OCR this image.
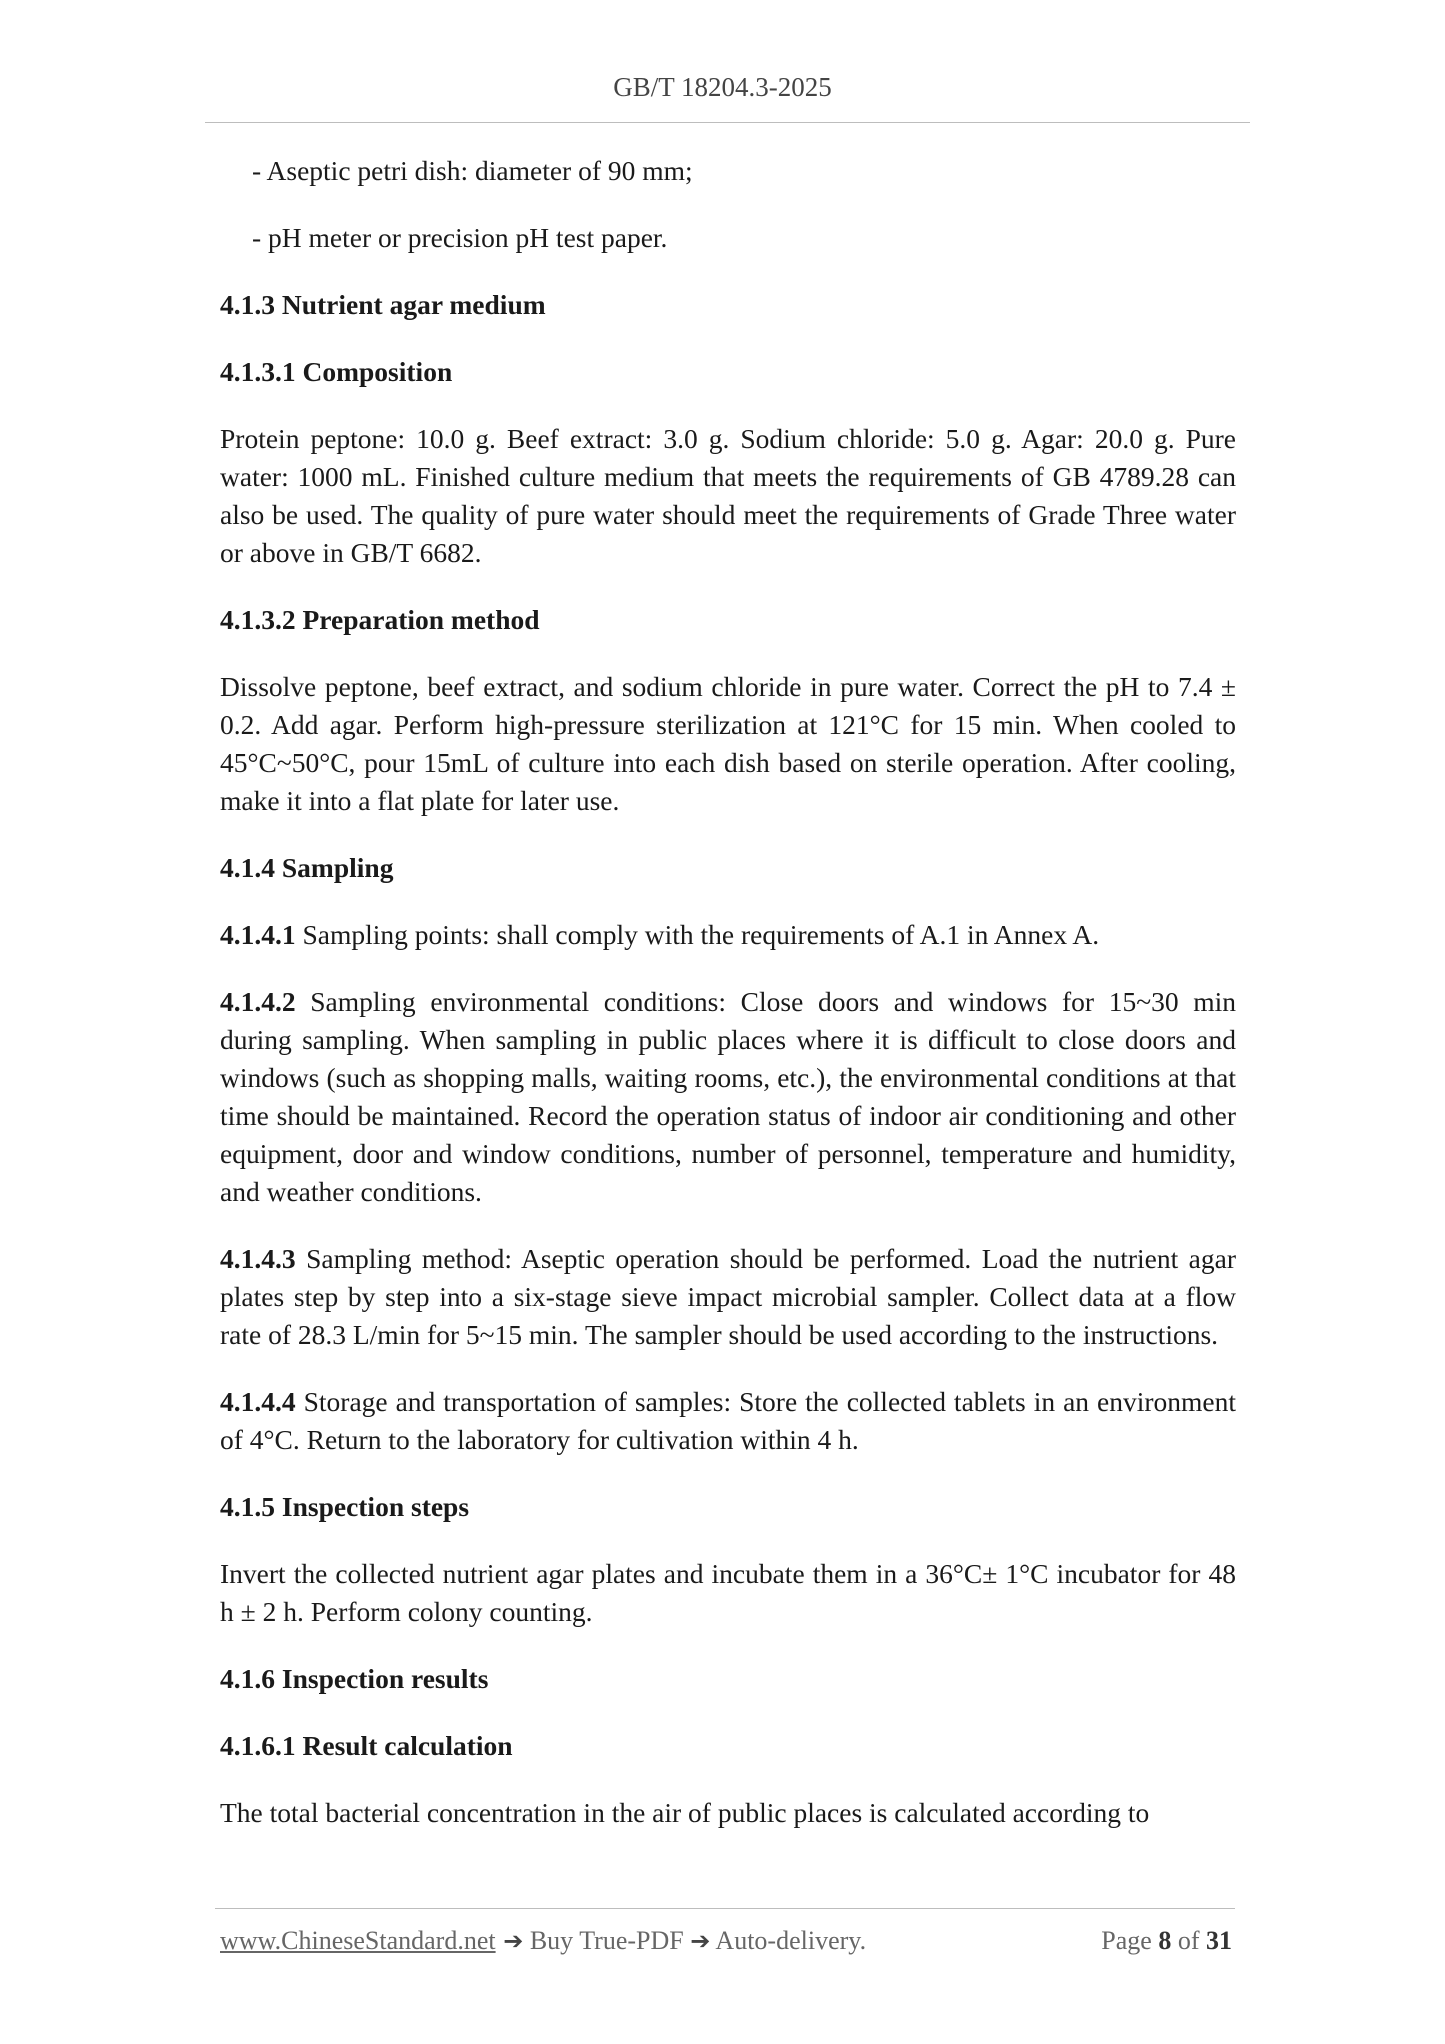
GB/T 18204.3-2025
- Aseptic petri dish: diameter of 90 mm;
- pH meter or precision pH test paper.
4.1.3 Nutrient agar medium
4.1.3.1 Composition
Protein peptone: 10.0 g. Beef extract: 3.0 g. Sodium chloride: 5.0 g. Agar: 20.0 g. Pure water: 1000 mL. Finished culture medium that meets the requirements of GB 4789.28 can also be used. The quality of pure water should meet the requirements of Grade Three water or above in GB/T 6682.
4.1.3.2 Preparation method
Dissolve peptone, beef extract, and sodium chloride in pure water. Correct the pH to 7.4 ± 0.2. Add agar. Perform high-pressure sterilization at 121°C for 15 min. When cooled to 45°C~50°C, pour 15mL of culture into each dish based on sterile operation. After cooling, make it into a flat plate for later use.
4.1.4 Sampling
4.1.4.1 Sampling points: shall comply with the requirements of A.1 in Annex A.
4.1.4.2 Sampling environmental conditions: Close doors and windows for 15~30 min during sampling. When sampling in public places where it is difficult to close doors and windows (such as shopping malls, waiting rooms, etc.), the environmental conditions at that time should be maintained. Record the operation status of indoor air conditioning and other equipment, door and window conditions, number of personnel, temperature and humidity, and weather conditions.
4.1.4.3 Sampling method: Aseptic operation should be performed. Load the nutrient agar plates step by step into a six-stage sieve impact microbial sampler. Collect data at a flow rate of 28.3 L/min for 5~15 min. The sampler should be used according to the instructions.
4.1.4.4 Storage and transportation of samples: Store the collected tablets in an environment of 4°C. Return to the laboratory for cultivation within 4 h.
4.1.5 Inspection steps
Invert the collected nutrient agar plates and incubate them in a 36°C± 1°C incubator for 48 h ± 2 h. Perform colony counting.
4.1.6 Inspection results
4.1.6.1 Result calculation
The total bacterial concentration in the air of public places is calculated according to
www.ChineseStandard.net ➔ Buy True-PDF ➔ Auto-delivery.	Page 8 of 31
